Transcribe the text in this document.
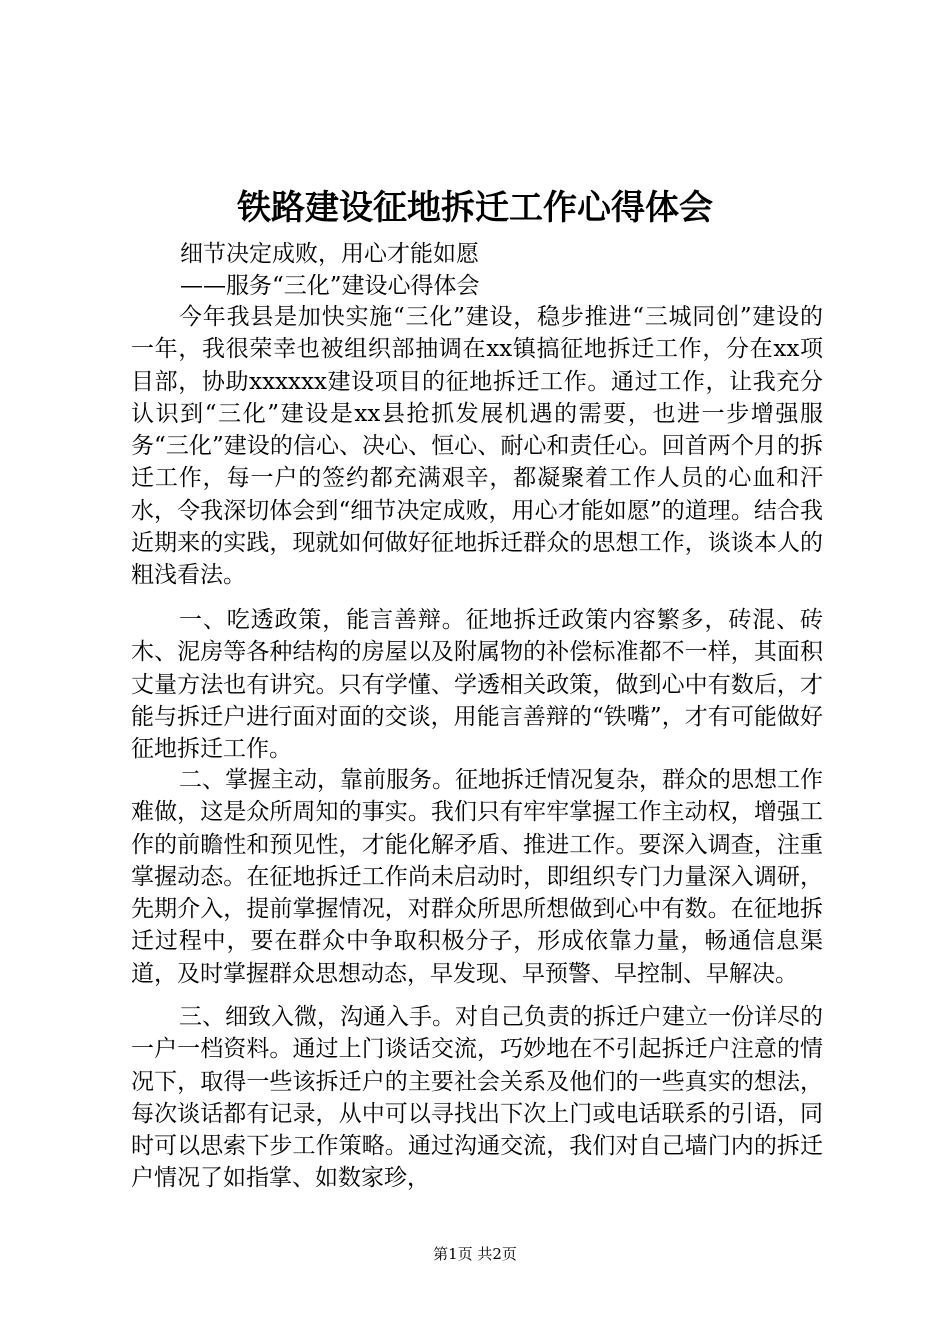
铁路建设征地拆迁工作心得体会

细节决定成败，用心才能如愿

——服务“三化”建设心得体会

今年我县是加快实施“三化”建设，稳步推进“三城同创”建设的一年，我很荣幸也被组织部抽调在xx镇搞征地拆迁工作，分在xx项目部，协助xxxxxx建设项目的征地拆迁工作。通过工作，让我充分认识到“三化”建设是xx县抢抓发展机遇的需要，也进一步增强服务“三化”建设的信心、决心、恒心、耐心和责任心。回首两个月的拆迁工作，每一户的签约都充满艰辛，都凝聚着工作人员的心血和汗水，令我深切体会到“细节决定成败，用心才能如愿”的道理。结合我近期来的实践，现就如何做好征地拆迁群众的思想工作，谈谈本人的粗浅看法。

一、吃透政策，能言善辩。征地拆迁政策内容繁多，砖混、砖木、泥房等各种结构的房屋以及附属物的补偿标准都不一样，其面积丈量方法也有讲究。只有学懂、学透相关政策，做到心中有数后，才能与拆迁户进行面对面的交谈，用能言善辩的“铁嘴”，才有可能做好征地拆迁工作。

二、掌握主动，靠前服务。征地拆迁情况复杂，群众的思想工作难做，这是众所周知的事实。我们只有牢牢掌握工作主动权，增强工作的前瞻性和预见性，才能化解矛盾、推进工作。要深入调查，注重掌握动态。在征地拆迁工作尚未启动时，即组织专门力量深入调研，先期介入，提前掌握情况，对群众所思所想做到心中有数。在征地拆迁过程中，要在群众中争取积极分子，形成依靠力量，畅通信息渠道，及时掌握群众思想动态，早发现、早预警、早控制、早解决。

三、细致入微，沟通入手。对自己负责的拆迁户建立一份详尽的一户一档资料。通过上门谈话交流，巧妙地在不引起拆迁户注意的情况下，取得一些该拆迁户的主要社会关系及他们的一些真实的想法，每次谈话都有记录，从中可以寻找出下次上门或电话联系的引语，同时可以思索下步工作策略。通过沟通交流，我们对自己墙门内的拆迁户情况了如指掌、如数家珍，

第1页 共2页
